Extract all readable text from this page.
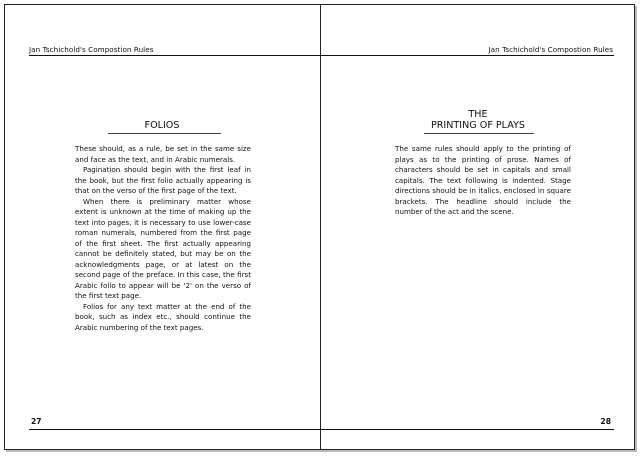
Jan Tschichold's Compostion Rules
FOLIOS

These should, as a rule, be set in the same size and face as the text, and in Arabic numerals.

Pagination should begin with the first leaf in the book, but the first folio actually appearing is that on the verso of the first page of the text.

When there is preliminary matter whose extent is unknown at the time of making up the text into pages, it is necessary to use lower-case roman numerals, numbered from the first page of the first sheet. The first actually appearing cannot be definitely stated, but may be on the acknowledgments page, or at latest on the second page of the preface. In this case, the first Arabic folio to appear will be '2' on the verso of the first text page.

Folios for any text matter at the end of the book, such as index etc., should continue the Arabic numbering of the text pages.

27
Jan Tschichold's Compostion Rules
THE
PRINTING OF PLAYS

The same rules should apply to the printing of plays as to the printing of prose. Names of characters should be set in capitals and small capitals. The text following is indented. Stage directions should be in italics, enclosed in square brackets. The headline should include the number of the act and the scene.

28
